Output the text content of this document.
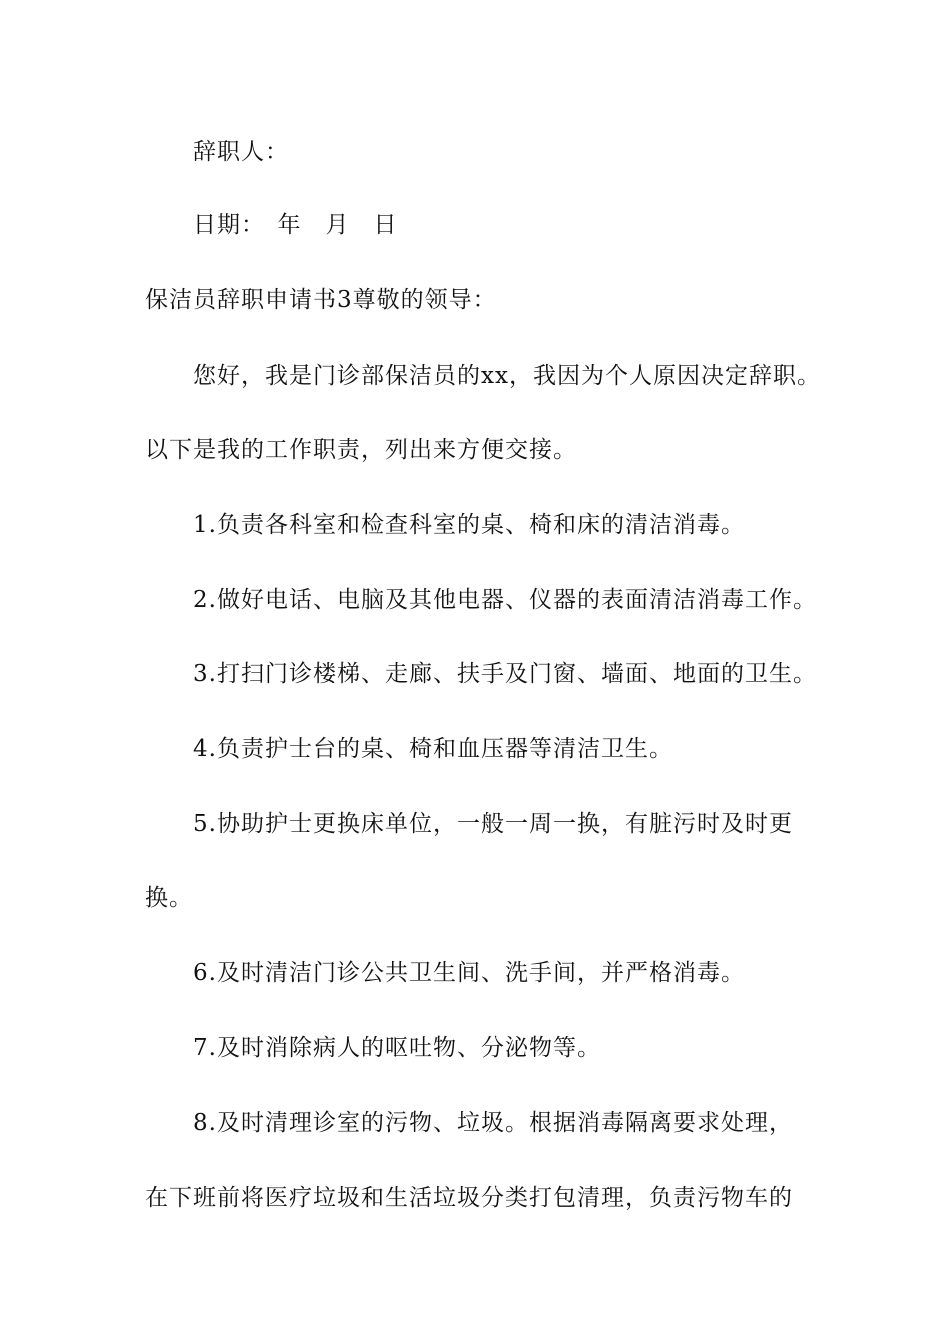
辞职人：
日期：　年　月　日
保洁员辞职申请书3尊敬的领导：
您好，我是门诊部保洁员的xx，我因为个人原因决定辞职。
以下是我的工作职责，列出来方便交接。
1.负责各科室和检查科室的桌、椅和床的清洁消毒。
2.做好电话、电脑及其他电器、仪器的表面清洁消毒工作。
3.打扫门诊楼梯、走廊、扶手及门窗、墙面、地面的卫生。
4.负责护士台的桌、椅和血压器等清洁卫生。
5.协助护士更换床单位，一般一周一换，有脏污时及时更
换。
6.及时清洁门诊公共卫生间、洗手间，并严格消毒。
7.及时消除病人的呕吐物、分泌物等。
8.及时清理诊室的污物、垃圾。根据消毒隔离要求处理，
在下班前将医疗垃圾和生活垃圾分类打包清理，负责污物车的
